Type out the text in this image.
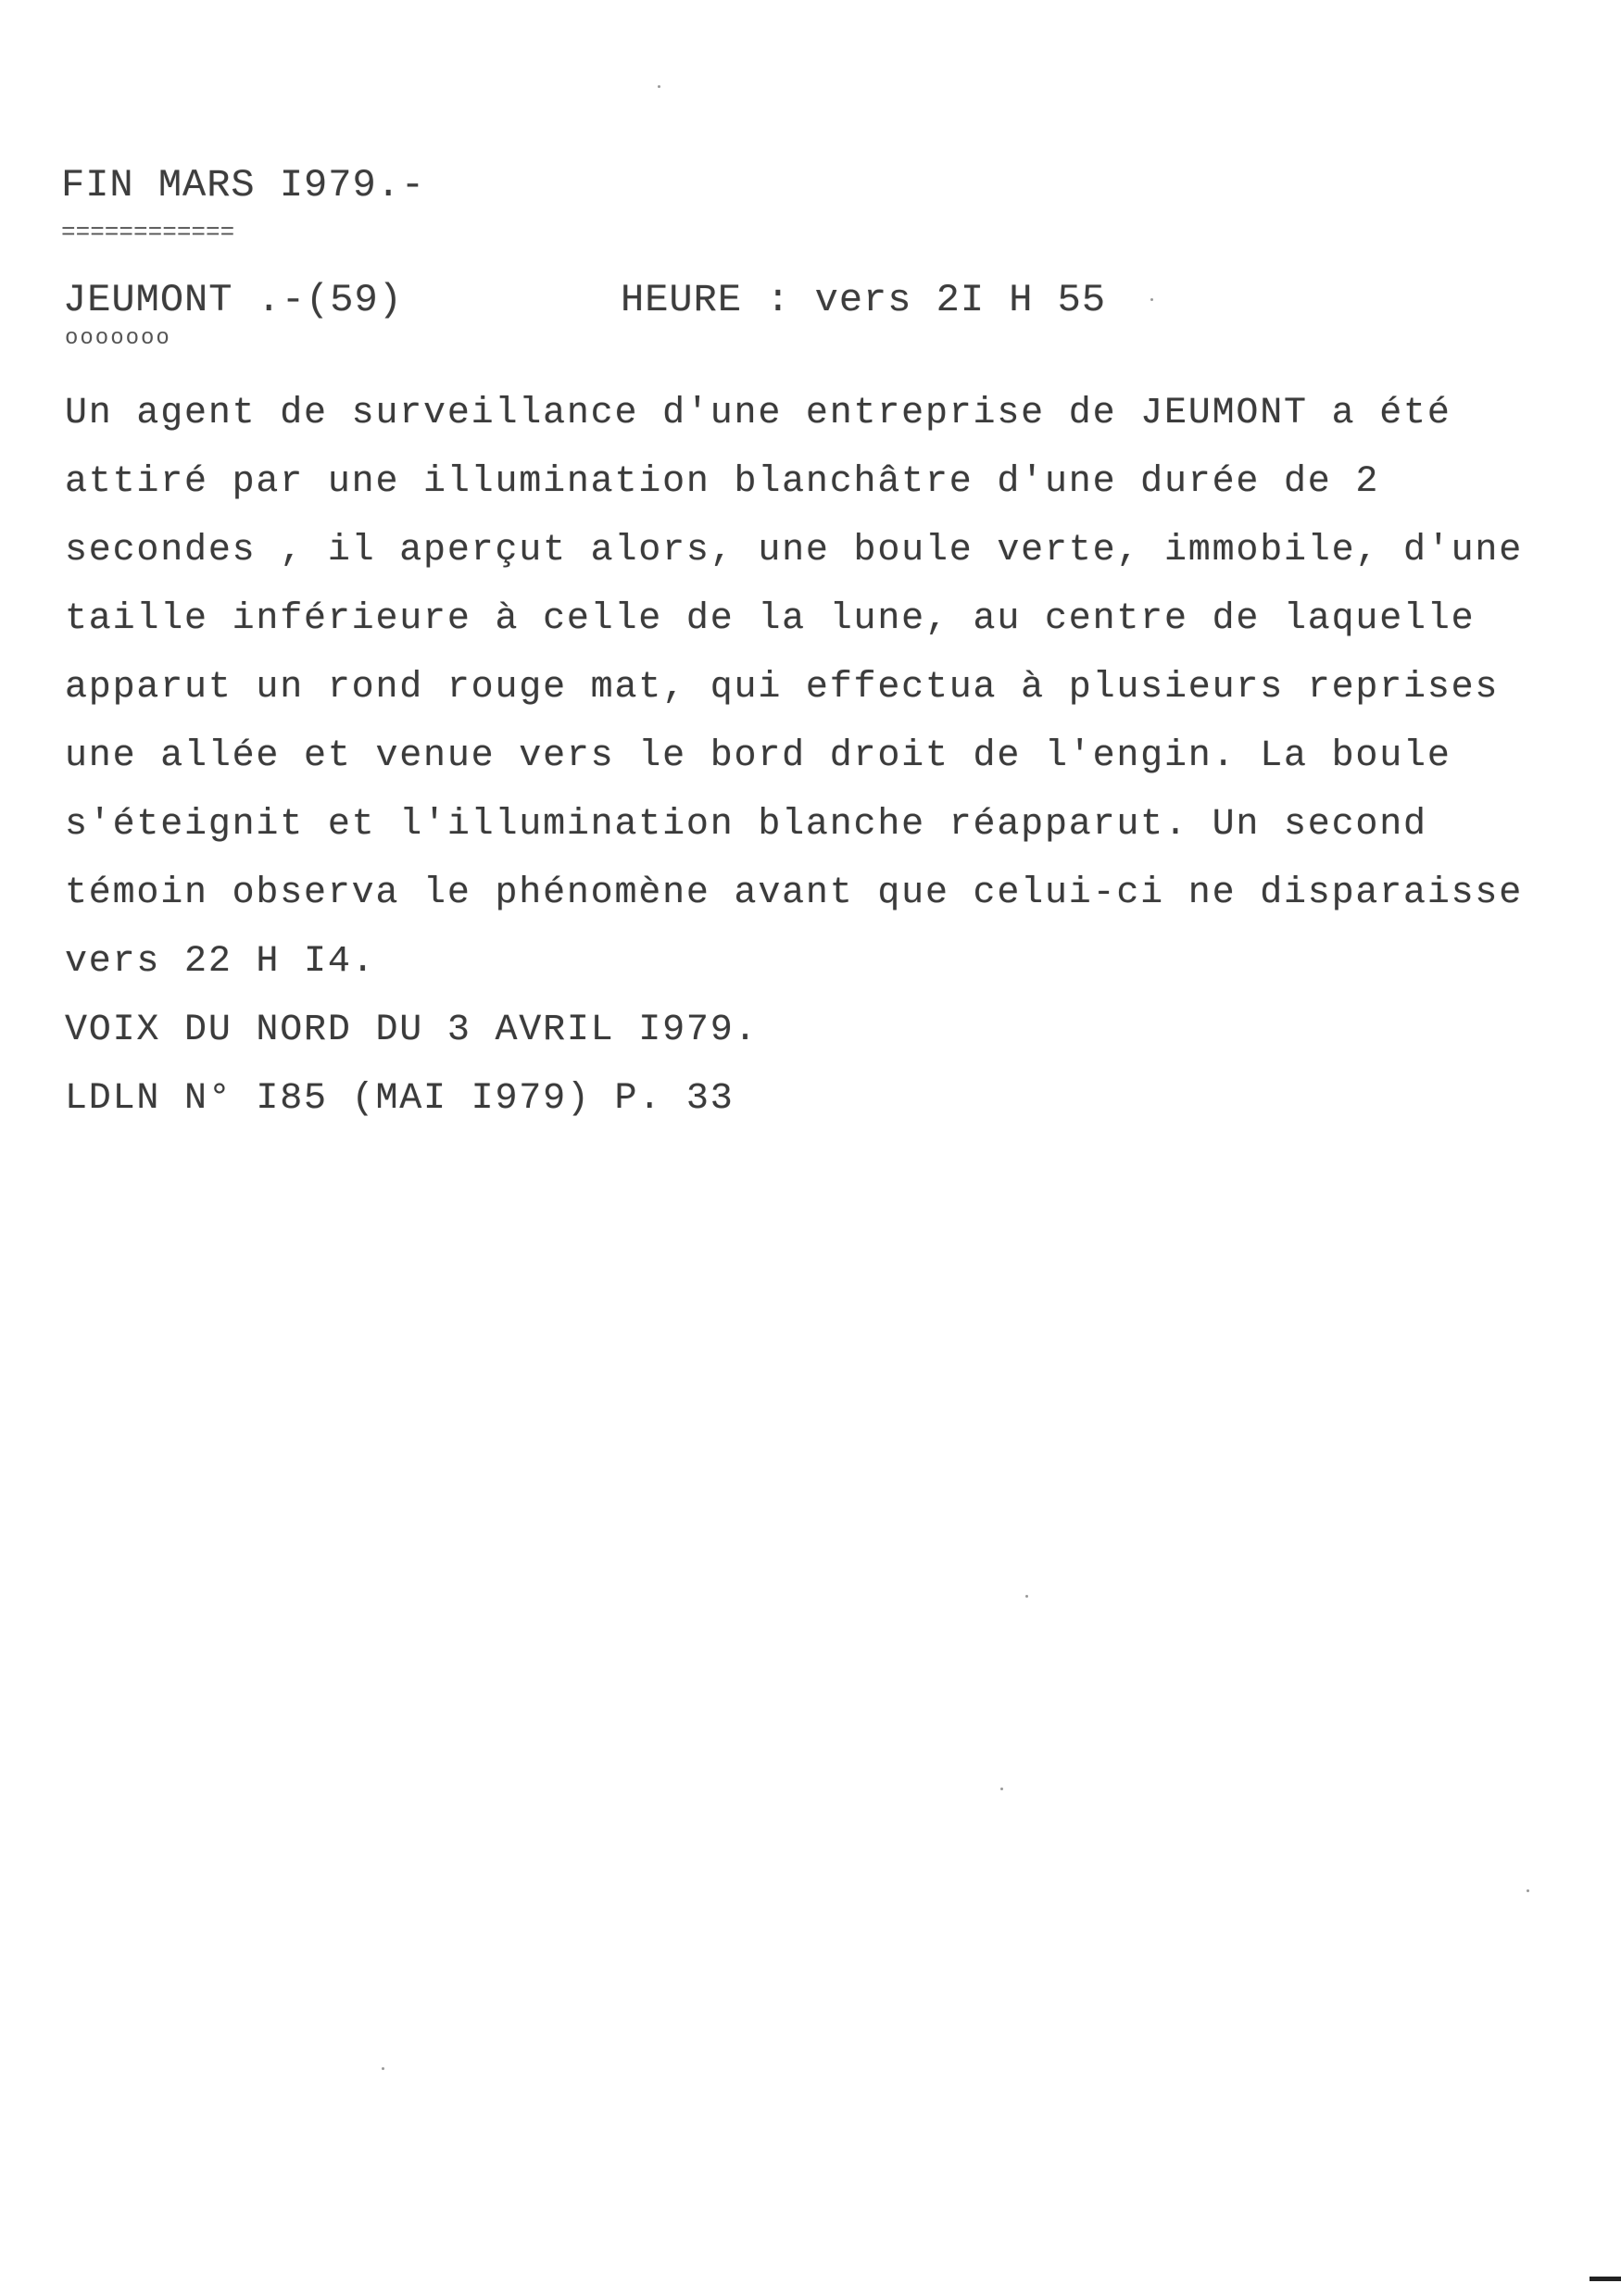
FIN MARS I979.-
============
JEUMONT .-(59)
ooooooo
HEURE : vers 2I H 55
Un agent de surveillance d'une entreprise de JEUMONT a été
attiré par une illumination blanchâtre d'une durée de 2
secondes , il aperçut alors, une boule verte, immobile, d'une
taille inférieure à celle de la lune, au centre de laquelle
apparut un rond rouge mat, qui effectua à plusieurs reprises
une allée et venue vers le bord droit de l'engin. La boule
s'éteignit et l'illumination blanche réapparut. Un second
témoin observa le phénomène avant que celui-ci ne disparaisse
vers 22 H I4.
VOIX DU NORD DU 3 AVRIL I979.
LDLN N° I85 (MAI I979) P. 33
